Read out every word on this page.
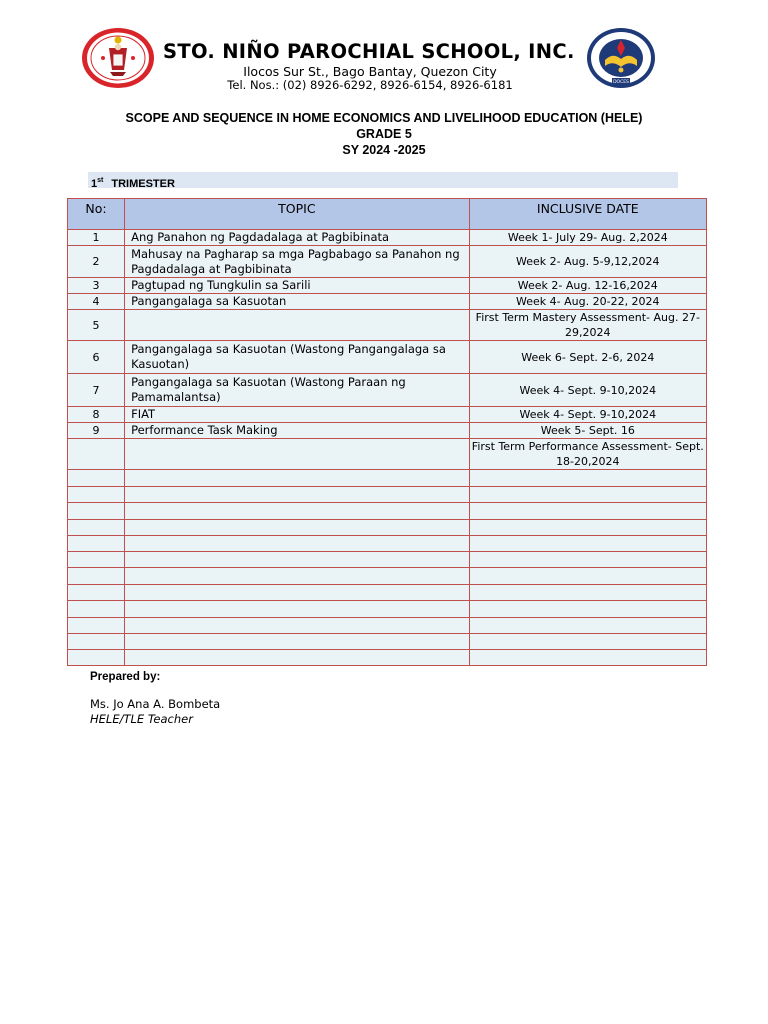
STO. NIÑO PAROCHIAL SCHOOL, INC.
Ilocos Sur St., Bago Bantay, Quezon City
Tel. Nos.: (02) 8926-6292, 8926-6154, 8926-6181	DOCES
SCOPE AND SEQUENCE IN HOME ECONOMICS AND LIVELIHOOD EDUCATION (HELE)
GRADE 5
SY 2024 -2025
1st TRIMESTER
No:	TOPIC	INCLUSIVE DATE
1	Ang Panahon ng Pagdadalaga at Pagbibinata	Week 1- July 29- Aug. 2,2024
2	Mahusay na Pagharap sa mga Pagbabago sa Panahon ng Pagdadalaga at Pagbibinata	Week 2- Aug. 5-9,12,2024
3	Pagtupad ng Tungkulin sa Sarili	Week 2- Aug. 12-16,2024
4	Pangangalaga sa Kasuotan	Week 4- Aug. 20-22, 2024
5		First Term Mastery Assessment- Aug. 27-29,2024
6	Pangangalaga sa Kasuotan (Wastong Pangangalaga sa Kasuotan)	Week 6- Sept. 2-6, 2024
7	Pangangalaga sa Kasuotan (Wastong Paraan ng Pamamalantsa)	Week 4- Sept. 9-10,2024
8	FIAT	Week 4- Sept. 9-10,2024
9	Performance Task Making	Week 5- Sept. 16
		First Term Performance Assessment- Sept. 18-20,2024

Prepared by:
Ms. Jo Ana A. Bombeta
HELE/TLE Teacher
